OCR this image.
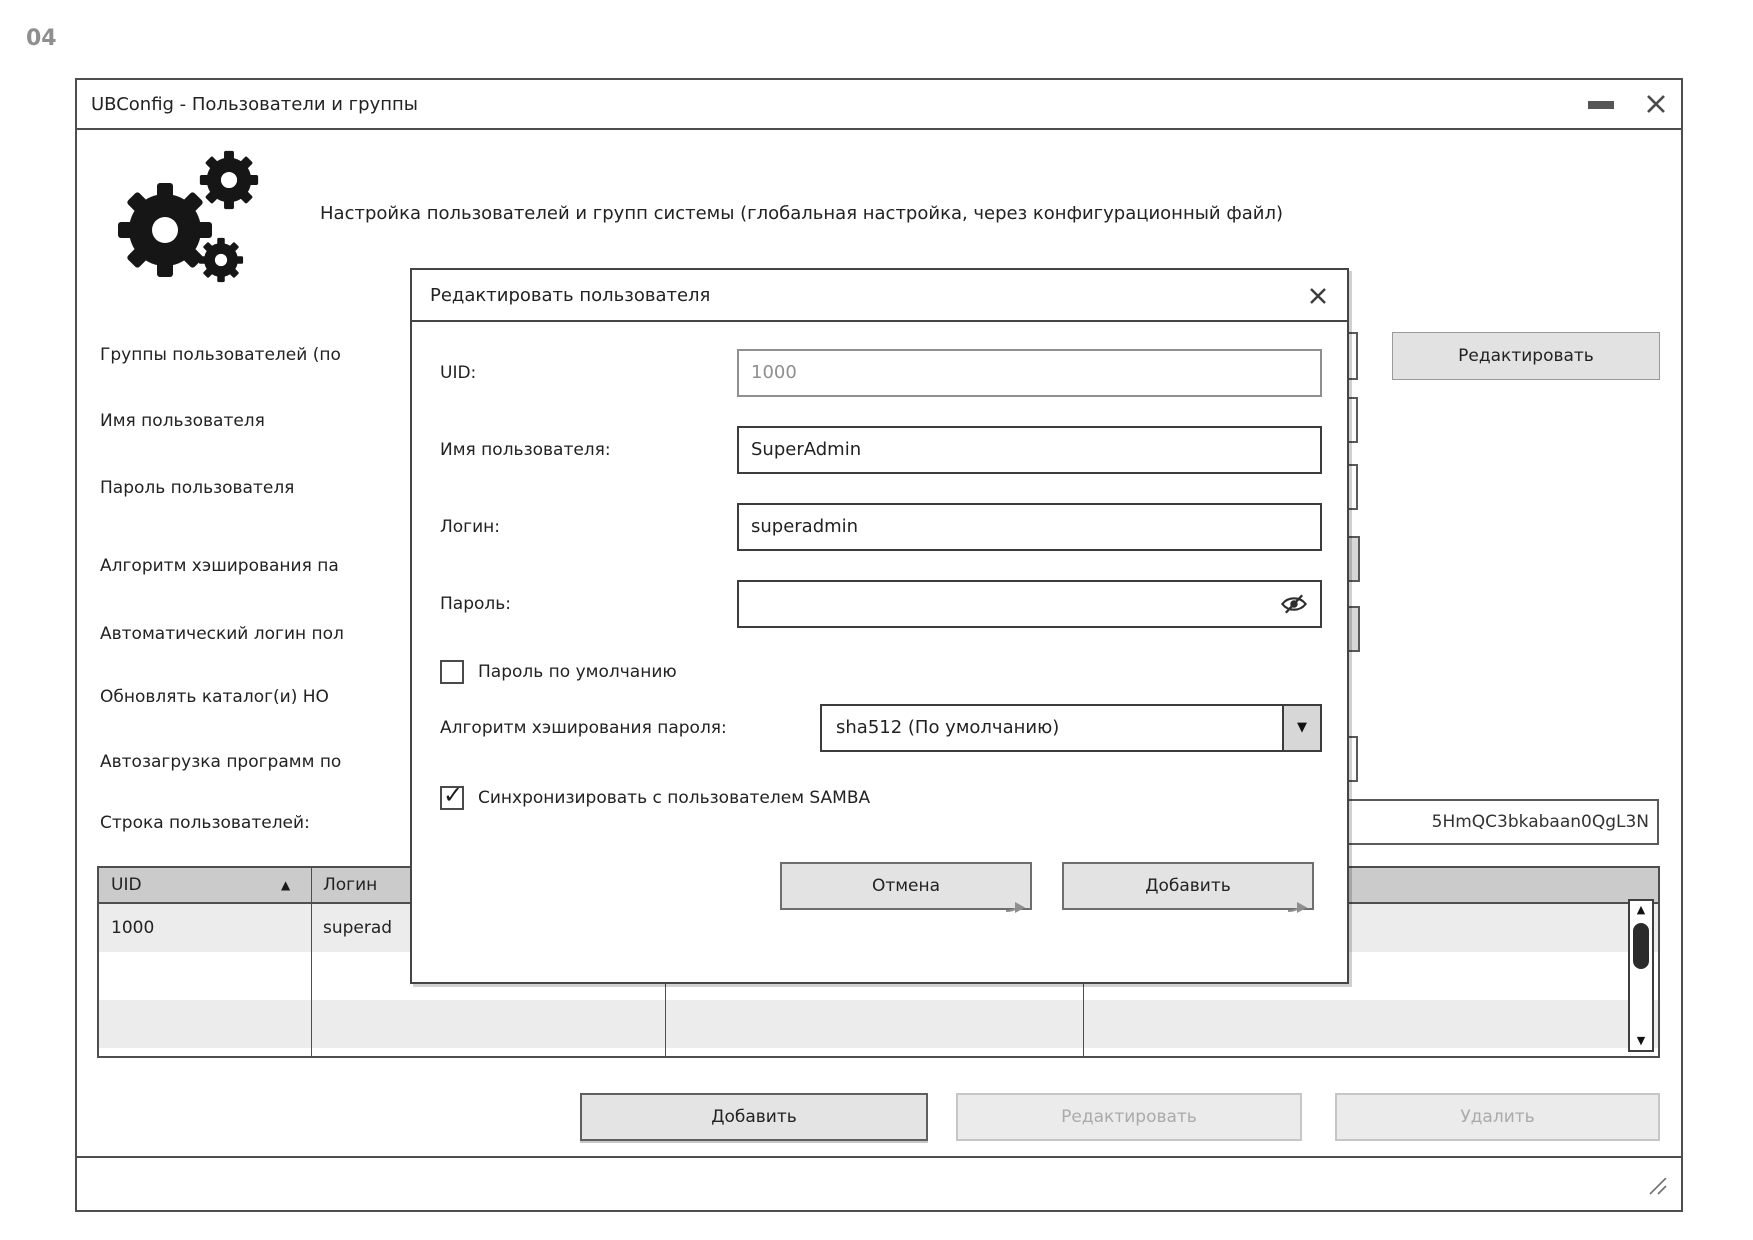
04
UBConfig - Пользователи и группы
Настройка пользователей и групп системы (глобальная настройка, через конфигурационный файл)
Группы пользователей (по
Имя пользователя
Пароль пользователя
Алгоритм хэширования па
Автоматический логин пол
Обновлять каталог(и) HO
Автозагрузка программ по
Строка пользователей:
Редактировать
5HmQC3bkabaan0QgL3N
UID	▲	Логин
1000	superad
▲
▼
Добавить	Редактировать	Удалить
Редактировать пользователя
UID:	1000
Имя пользователя:	SuperAdmin
Логин:	superadmin
Пароль:
Пароль по умолчанию
Алгоритм хэширования пароля:	sha512 (По умолчанию)	▼
✓ Синхронизировать с пользователем SAMBA
Отмена	Добавить
